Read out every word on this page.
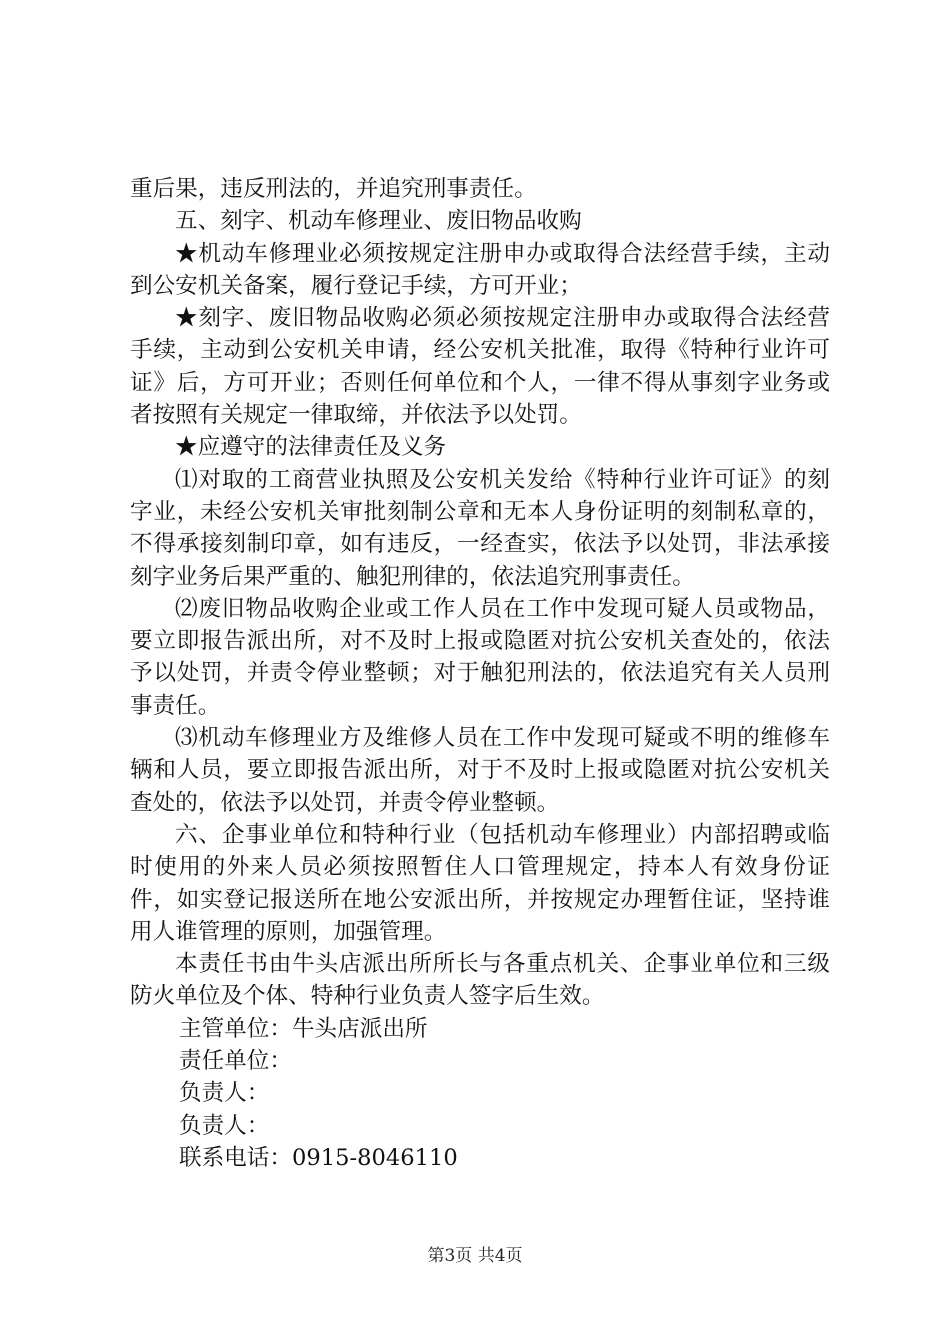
重后果，违反刑法的，并追究刑事责任。

五、刻字、机动车修理业、废旧物品收购

★机动车修理业必须按规定注册申办或取得合法经营手续，主动到公安机关备案，履行登记手续，方可开业；

★刻字、废旧物品收购必须必须按规定注册申办或取得合法经营手续，主动到公安机关申请，经公安机关批准，取得《特种行业许可证》后，方可开业；否则任何单位和个人，一律不得从事刻字业务或者按照有关规定一律取缔，并依法予以处罚。

★应遵守的法律责任及义务

⑴对取的工商营业执照及公安机关发给《特种行业许可证》的刻字业，未经公安机关审批刻制公章和无本人身份证明的刻制私章的，不得承接刻制印章，如有违反，一经查实，依法予以处罚，非法承接刻字业务后果严重的、触犯刑律的，依法追究刑事责任。

⑵废旧物品收购企业或工作人员在工作中发现可疑人员或物品，要立即报告派出所，对不及时上报或隐匿对抗公安机关查处的，依法予以处罚，并责令停业整顿；对于触犯刑法的，依法追究有关人员刑事责任。

⑶机动车修理业方及维修人员在工作中发现可疑或不明的维修车辆和人员，要立即报告派出所，对于不及时上报或隐匿对抗公安机关查处的，依法予以处罚，并责令停业整顿。

六、企事业单位和特种行业（包括机动车修理业）内部招聘或临时使用的外来人员必须按照暂住人口管理规定，持本人有效身份证件，如实登记报送所在地公安派出所，并按规定办理暂住证，坚持谁用人谁管理的原则，加强管理。

本责任书由牛头店派出所所长与各重点机关、企事业单位和三级防火单位及个体、特种行业负责人签字后生效。

主管单位：牛头店派出所

责任单位：

负责人：

负责人：

联系电话：0915-8046110

第3页 共4页
